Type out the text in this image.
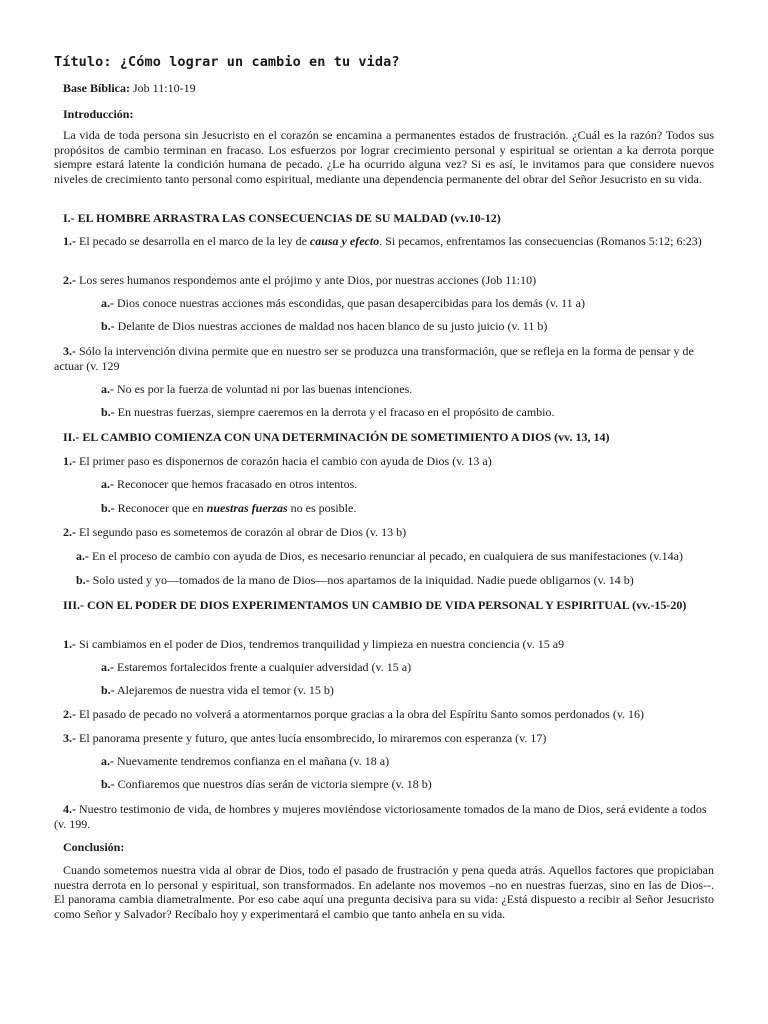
Título: ¿Cómo lograr un cambio en tu vida?

Base Bíblica: Job 11:10-19

Introducción:

La vida de toda persona sin Jesucristo en el corazón se encamina a permanentes estados de frustración. ¿Cuál es la razón? Todos sus propósitos de cambio terminan en fracaso. Los esfuerzos por lograr crecimiento personal y espiritual se orientan a ka derrota porque siempre estará latente la condición humana de pecado. ¿Le ha ocurrido alguna vez? Si es así, le invitamos para que considere nuevos niveles de crecimiento tanto personal como espiritual, mediante una dependencia permanente del obrar del Señor Jesucristo en su vida.

I.- EL HOMBRE ARRASTRA LAS CONSECUENCIAS DE SU MALDAD (vv.10-12)

1.- El pecado se desarrolla en el marco de la ley de causa y efecto. Si pecamos, enfrentamos las consecuencias (Romanos 5:12; 6:23)

2.- Los seres humanos respondemos ante el prójimo y ante Dios, por nuestras acciones (Job 11:10)

a.- Dios conoce nuestras acciones más escondidas, que pasan desapercibidas para los demás (v. 11 a)

b.- Delante de Dios nuestras acciones de maldad nos hacen blanco de su justo juicio (v. 11 b)

3.- Sólo la intervención divina permite que en nuestro ser se produzca una transformación, que se refleja en la forma de pensar y de actuar (v. 129

a.- No es por la fuerza de voluntad ni por las buenas intenciones.

b.- En nuestras fuerzas, siempre caeremos en la derrota y el fracaso en el propósito de cambio.

II.- EL CAMBIO COMIENZA CON UNA DETERMINACIÓN DE SOMETIMIENTO A DIOS (vv. 13, 14)

1.- El primer paso es disponernos de corazón hacia el cambio con ayuda de Dios (v. 13 a)

a.- Reconocer que hemos fracasado en otros intentos.

b.- Reconocer que en nuestras fuerzas no es posible.

2.- El segundo paso es sometemos de corazón al obrar de Dios (v. 13 b)

a.- En el proceso de cambio con ayuda de Dios, es necesario renunciar al pecado, en cualquiera de sus manifestaciones (v.14a)

b.- Solo usted y yo—tomados de la mano de Dios—nos apartamos de la iniquidad. Nadie puede obligarnos (v. 14 b)

III.- CON EL PODER DE DIOS EXPERIMENTAMOS UN CAMBIO DE VIDA PERSONAL Y ESPIRITUAL (vv.-15-20)

1.- Si cambiamos en el poder de Dios, tendremos tranquilidad y limpieza en nuestra conciencia (v. 15 a9

a.- Estaremos fortalecidos frente a cualquier adversidad (v. 15 a)

b.- Alejaremos de nuestra vida el temor (v. 15 b)

2.- El pasado de pecado no volverá a atormentarnos porque gracias a la obra del Espíritu Santo somos perdonados (v. 16)

3.- El panorama presente y futuro, que antes lucía ensombrecido, lo miraremos con esperanza (v. 17)

a.- Nuevamente tendremos confianza en el mañana (v. 18 a)

b.- Confiaremos que nuestros días serán de victoria siempre (v. 18 b)

4.- Nuestro testimonio de vida, de hombres y mujeres moviéndose victoriosamente tomados de la mano de Dios, será evidente a todos (v. 199.

Conclusión:

Cuando sometemos nuestra vida al obrar de Dios, todo el pasado de frustración y pena queda atrás. Aquellos factores que propiciaban nuestra derrota en lo personal y espiritual, son transformados. En adelante nos movemos –no en nuestras fuerzas, sino en las de Dios--. El panorama cambia diametralmente. Por eso cabe aquí una pregunta decisiva para su vida: ¿Está dispuesto a recibir al Señor Jesucristo como Señor y Salvador? Recíbalo hoy y experimentará el cambio que tanto anhela en su vida.
